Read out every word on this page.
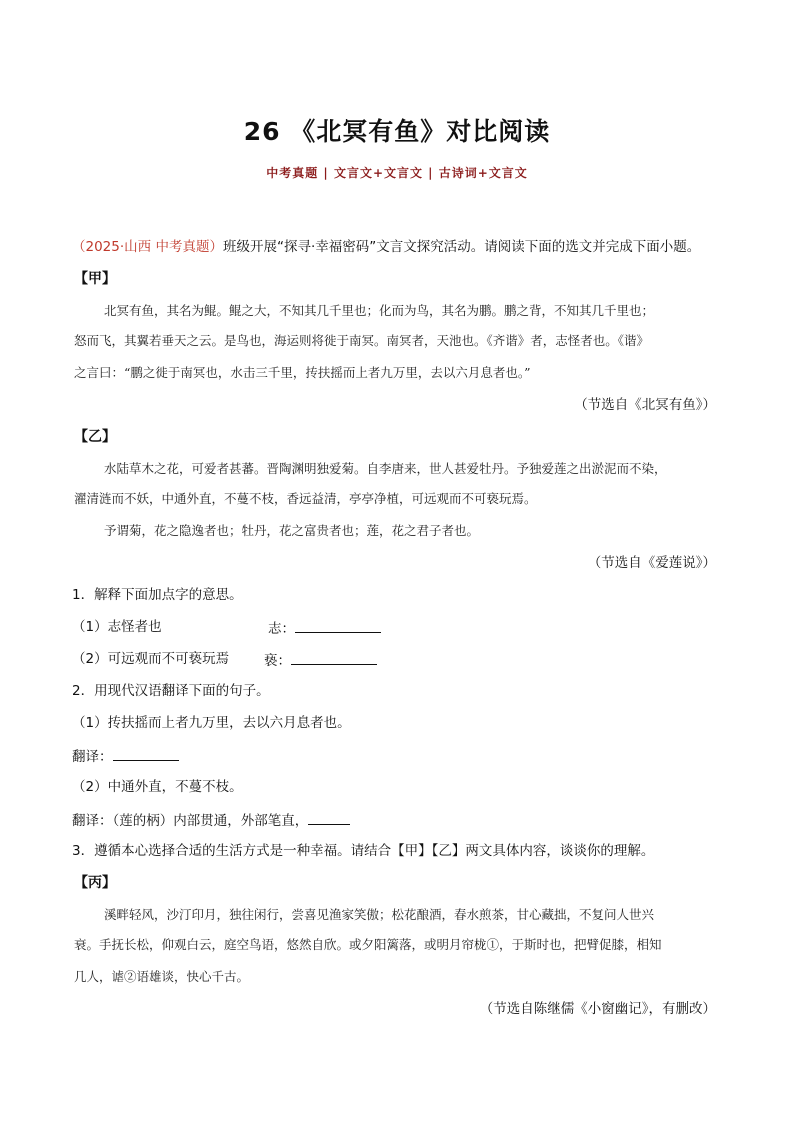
26 《北冥有鱼》对比阅读
中考真题 | 文言文+文言文 | 古诗词+文言文
（2025·山西 中考真题）班级开展“探寻·幸福密码”文言文探究活动。请阅读下面的选文并完成下面小题。
【甲】
北冥有鱼，其名为鲲。鲲之大，不知其几千里也；化而为鸟，其名为鹏。鹏之背，不知其几千里也；
怒而飞，其翼若垂天之云。是鸟也，海运则将徙于南冥。南冥者，天池也。《齐谐》者，志怪者也。《谐》
之言曰：“鹏之徙于南冥也，水击三千里，抟扶摇而上者九万里，去以六月息者也。”
（节选自《北冥有鱼》）
【乙】
水陆草木之花，可爱者甚蕃。晋陶渊明独爱菊。自李唐来，世人甚爱牡丹。予独爱莲之出淤泥而不染，
濯清涟而不妖，中通外直，不蔓不枝，香远益清，亭亭净植，可远观而不可亵玩焉。
予谓菊，花之隐逸者也；牡丹，花之富贵者也；莲，花之君子者也。
（节选自《爱莲说》）
1．解释下面加点字的意思。
（1）志怪者也	志：
（2）可远观而不可亵玩焉	亵：
2．用现代汉语翻译下面的句子。
（1）抟扶摇而上者九万里，去以六月息者也。
翻译：
（2）中通外直，不蔓不枝。
翻译：（莲的柄）内部贯通，外部笔直，
3．遵循本心选择合适的生活方式是一种幸福。请结合【甲】【乙】两文具体内容，谈谈你的理解。
【丙】
溪畔轻风，沙汀印月，独往闲行，尝喜见渔家笑傲；松花酿酒，春水煎茶，甘心藏拙，不复问人世兴
衰。手抚长松，仰观白云，庭空鸟语，悠然自欣。或夕阳篱落，或明月帘栊①，于斯时也，把臂促膝，相知
几人，谑②语雄谈，快心千古。
（节选自陈继儒《小窗幽记》，有删改）
